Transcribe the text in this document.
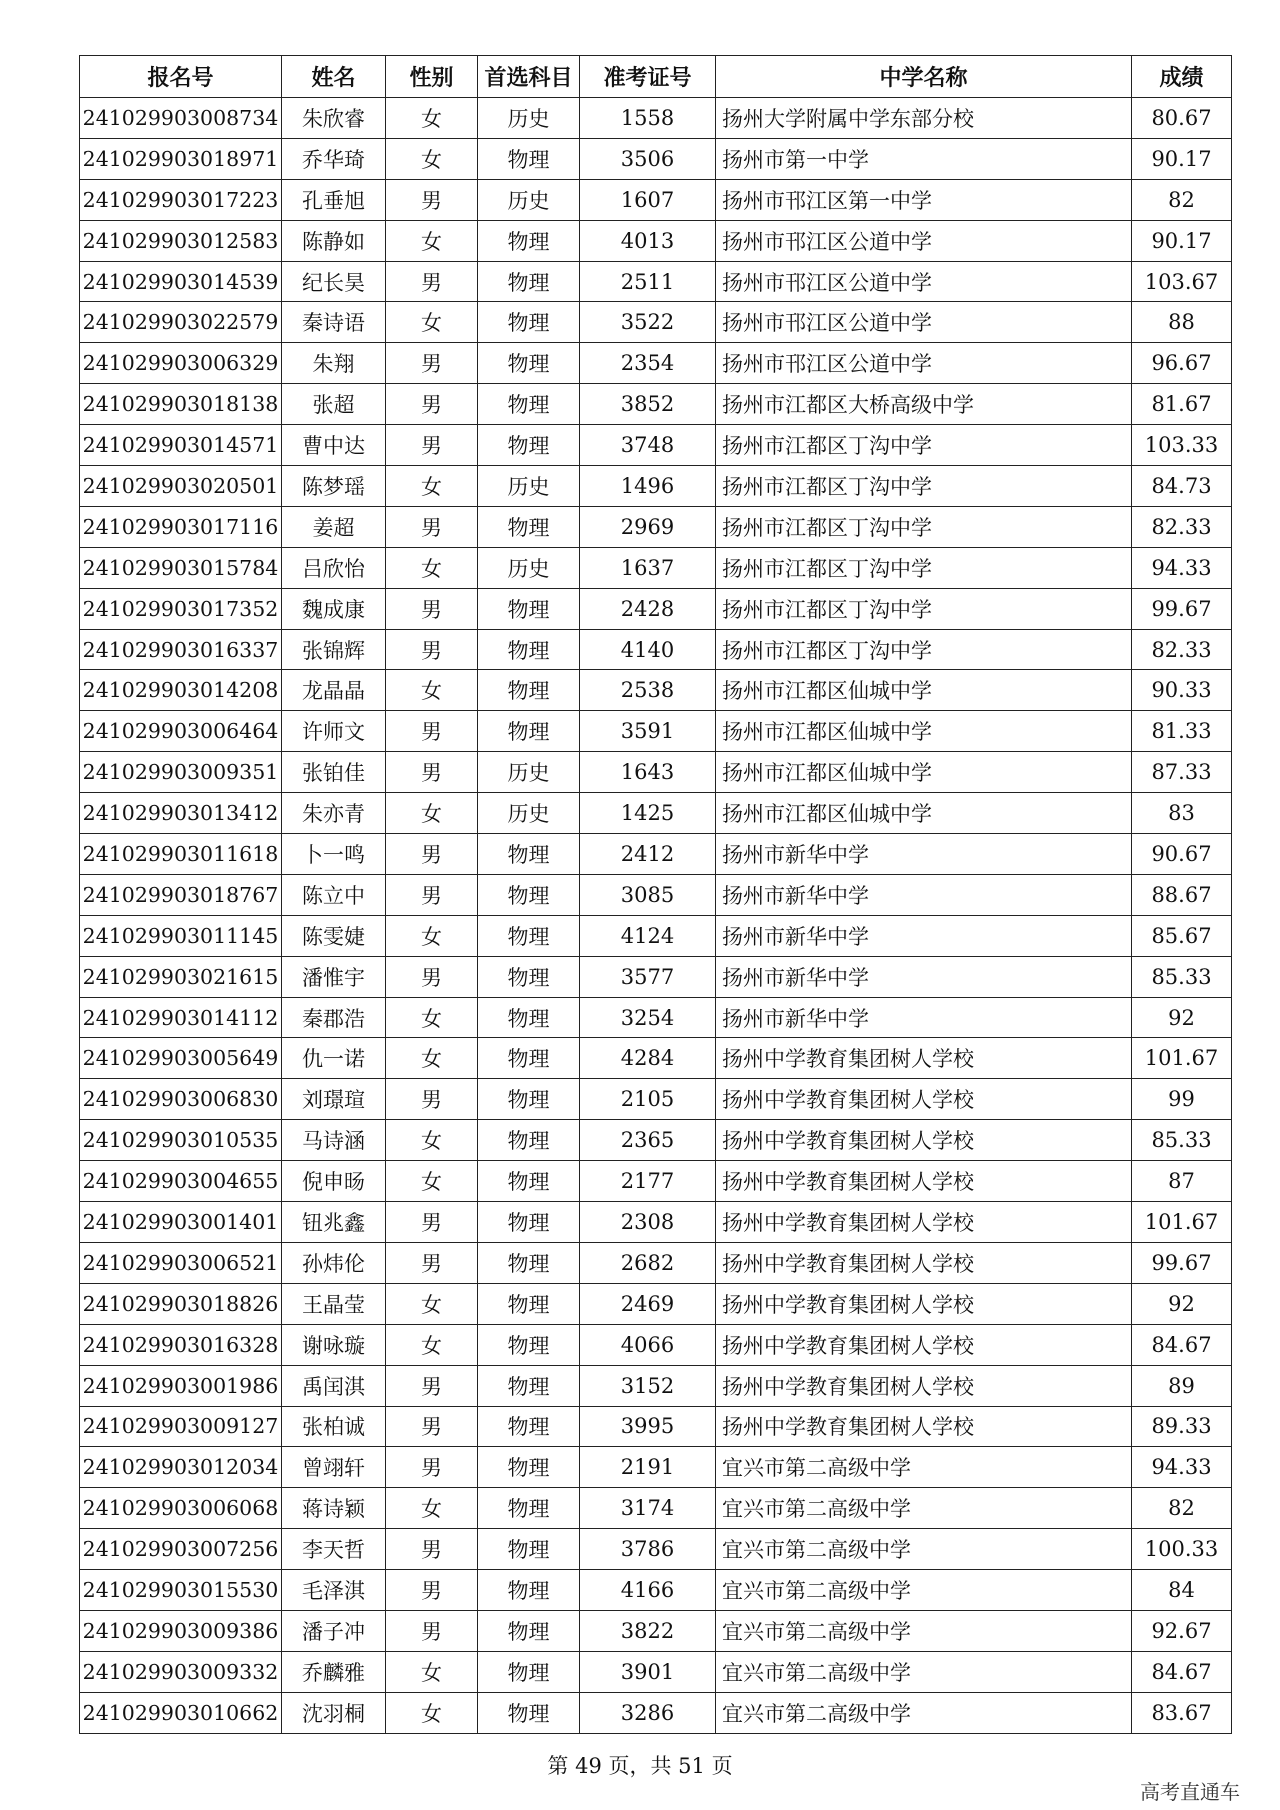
报名号	姓名	性别	首选科目	准考证号	中学名称	成绩
241029903008734	朱欣睿	女	历史	1558	扬州大学附属中学东部分校	80.67
241029903018971	乔华琦	女	物理	3506	扬州市第一中学	90.17
241029903017223	孔垂旭	男	历史	1607	扬州市邗江区第一中学	82
241029903012583	陈静如	女	物理	4013	扬州市邗江区公道中学	90.17
241029903014539	纪长昊	男	物理	2511	扬州市邗江区公道中学	103.67
241029903022579	秦诗语	女	物理	3522	扬州市邗江区公道中学	88
241029903006329	朱翔	男	物理	2354	扬州市邗江区公道中学	96.67
241029903018138	张超	男	物理	3852	扬州市江都区大桥高级中学	81.67
241029903014571	曹中达	男	物理	3748	扬州市江都区丁沟中学	103.33
241029903020501	陈梦瑶	女	历史	1496	扬州市江都区丁沟中学	84.73
241029903017116	姜超	男	物理	2969	扬州市江都区丁沟中学	82.33
241029903015784	吕欣怡	女	历史	1637	扬州市江都区丁沟中学	94.33
241029903017352	魏成康	男	物理	2428	扬州市江都区丁沟中学	99.67
241029903016337	张锦辉	男	物理	4140	扬州市江都区丁沟中学	82.33
241029903014208	龙晶晶	女	物理	2538	扬州市江都区仙城中学	90.33
241029903006464	许师文	男	物理	3591	扬州市江都区仙城中学	81.33
241029903009351	张铂佳	男	历史	1643	扬州市江都区仙城中学	87.33
241029903013412	朱亦青	女	历史	1425	扬州市江都区仙城中学	83
241029903011618	卜一鸣	男	物理	2412	扬州市新华中学	90.67
241029903018767	陈立中	男	物理	3085	扬州市新华中学	88.67
241029903011145	陈雯婕	女	物理	4124	扬州市新华中学	85.67
241029903021615	潘惟宇	男	物理	3577	扬州市新华中学	85.33
241029903014112	秦郡浩	女	物理	3254	扬州市新华中学	92
241029903005649	仇一诺	女	物理	4284	扬州中学教育集团树人学校	101.67
241029903006830	刘璟瑄	男	物理	2105	扬州中学教育集团树人学校	99
241029903010535	马诗涵	女	物理	2365	扬州中学教育集团树人学校	85.33
241029903004655	倪申旸	女	物理	2177	扬州中学教育集团树人学校	87
241029903001401	钮兆鑫	男	物理	2308	扬州中学教育集团树人学校	101.67
241029903006521	孙炜伦	男	物理	2682	扬州中学教育集团树人学校	99.67
241029903018826	王晶莹	女	物理	2469	扬州中学教育集团树人学校	92
241029903016328	谢咏璇	女	物理	4066	扬州中学教育集团树人学校	84.67
241029903001986	禹闰淇	男	物理	3152	扬州中学教育集团树人学校	89
241029903009127	张柏诚	男	物理	3995	扬州中学教育集团树人学校	89.33
241029903012034	曾翊轩	男	物理	2191	宜兴市第二高级中学	94.33
241029903006068	蒋诗颖	女	物理	3174	宜兴市第二高级中学	82
241029903007256	李天哲	男	物理	3786	宜兴市第二高级中学	100.33
241029903015530	毛泽淇	男	物理	4166	宜兴市第二高级中学	84
241029903009386	潘子冲	男	物理	3822	宜兴市第二高级中学	92.67
241029903009332	乔麟雅	女	物理	3901	宜兴市第二高级中学	84.67
241029903010662	沈羽桐	女	物理	3286	宜兴市第二高级中学	83.67
第 49 页，共 51 页
高考直通车
